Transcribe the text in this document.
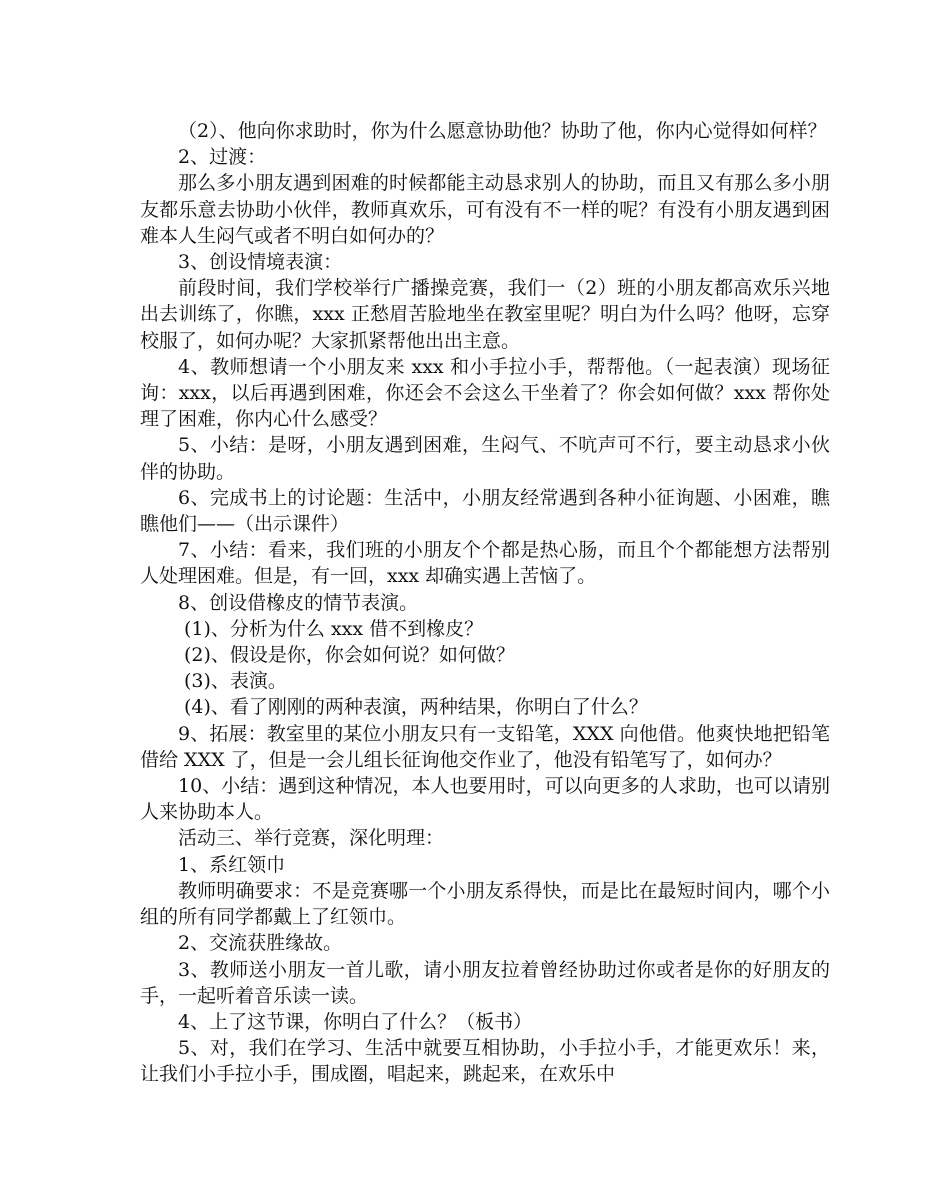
（2）、他向你求助时，你为什么愿意协助他？协助了他，你内心觉得如何样？

2、过渡：

那么多小朋友遇到困难的时候都能主动恳求别人的协助，而且又有那么多小朋友都乐意去协助小伙伴，教师真欢乐，可有没有不一样的呢？有没有小朋友遇到困难本人生闷气或者不明白如何办的？

3、创设情境表演：

前段时间，我们学校举行广播操竞赛，我们一（2）班的小朋友都高欢乐兴地出去训练了，你瞧，xxx 正愁眉苦脸地坐在教室里呢？明白为什么吗？他呀，忘穿校服了，如何办呢？大家抓紧帮他出出主意。

4、教师想请一个小朋友来 xxx 和小手拉小手，帮帮他。（一起表演）现场征询：xxx，以后再遇到困难，你还会不会这么干坐着了？你会如何做？xxx 帮你处理了困难，你内心什么感受？

5、小结：是呀，小朋友遇到困难，生闷气、不吭声可不行，要主动恳求小伙伴的协助。

6、完成书上的讨论题：生活中，小朋友经常遇到各种小征询题、小困难，瞧瞧他们——（出示课件）

7、小结：看来，我们班的小朋友个个都是热心肠，而且个个都能想方法帮别人处理困难。但是，有一回，xxx 却确实遇上苦恼了。

8、创设借橡皮的情节表演。

(1)、分析为什么 xxx 借不到橡皮？

(2)、假设是你，你会如何说？如何做？

(3)、表演。

(4)、看了刚刚的两种表演，两种结果，你明白了什么？

9、拓展：教室里的某位小朋友只有一支铅笔，XXX 向他借。他爽快地把铅笔借给 XXX 了，但是一会儿组长征询他交作业了，他没有铅笔写了，如何办？

10、小结：遇到这种情况，本人也要用时，可以向更多的人求助，也可以请别人来协助本人。

活动三、举行竞赛，深化明理：

1、系红领巾

教师明确要求：不是竞赛哪一个小朋友系得快，而是比在最短时间内，哪个小组的所有同学都戴上了红领巾。

2、交流获胜缘故。

3、教师送小朋友一首儿歌，请小朋友拉着曾经协助过你或者是你的好朋友的手，一起听着音乐读一读。

4、上了这节课，你明白了什么？（板书）

5、对，我们在学习、生活中就要互相协助，小手拉小手，才能更欢乐！来，让我们小手拉小手，围成圈，唱起来，跳起来，在欢乐中
